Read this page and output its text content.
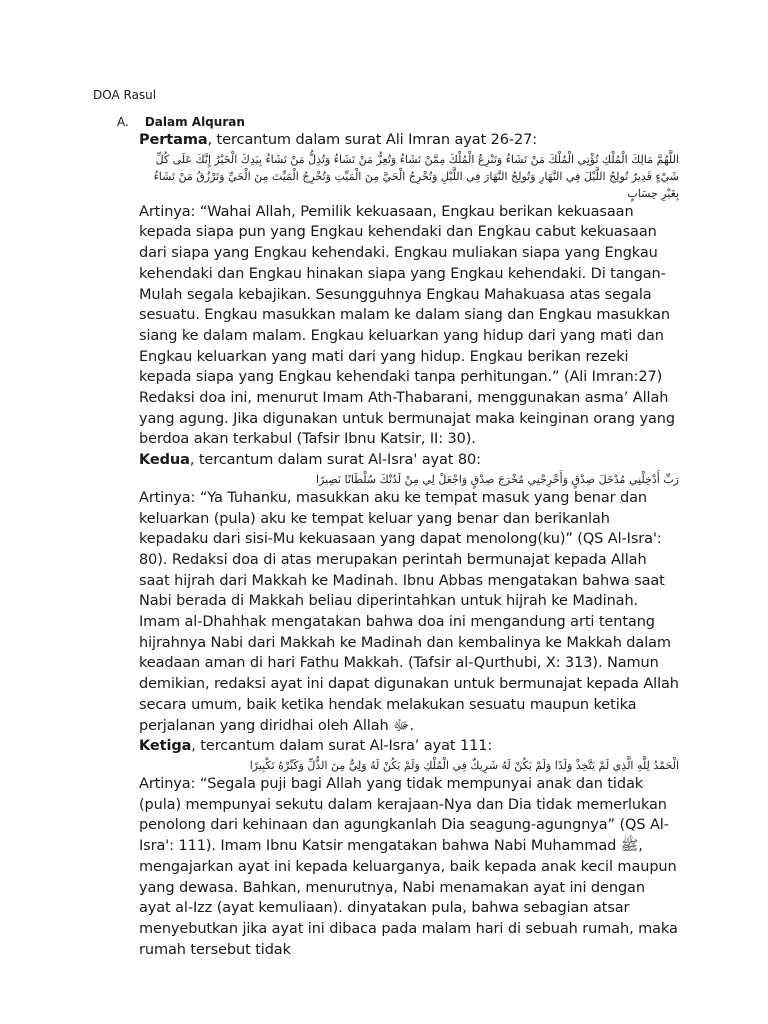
DOA Rasul
A. Dalam Alquran

Pertama, tercantum dalam surat Ali Imran ayat 26-27:
اللَّهُمَّ مَالِكَ الْمُلْكِ تُؤْتِي الْمُلْكَ مَنْ تَشَاءُ وَتَنْزِعُ الْمُلْكَ مِمَّنْ تَشَاءُ وَتُعِزُّ مَنْ تَشَاءُ وَتُذِلُّ مَنْ تَشَاءُ بِيَدِكَ الْخَيْرُ إِنَّكَ عَلَى كُلِّ شَيْءٍ قَدِيرٌ تُولِجُ اللَّيْلَ فِي النَّهَارِ وَتُولِجُ النَّهَارَ فِي اللَّيْلِ وَتُخْرِجُ الْحَيَّ مِنَ الْمَيِّتِ وَتُخْرِجُ الْمَيِّتَ مِنَ الْحَيِّ وَتَرْزُقُ مَنْ تَشَاءُ بِغَيْرِ حِسَابٍ
Artinya: “Wahai Allah, Pemilik kekuasaan, Engkau berikan kekuasaan kepada siapa pun yang Engkau kehendaki dan Engkau cabut kekuasaan dari siapa yang Engkau kehendaki. Engkau muliakan siapa yang Engkau kehendaki dan Engkau hinakan siapa yang Engkau kehendaki. Di tangan-Mulah segala kebajikan. Sesungguhnya Engkau Mahakuasa atas segala sesuatu. Engkau masukkan malam ke dalam siang dan Engkau masukkan siang ke dalam malam. Engkau keluarkan yang hidup dari yang mati dan Engkau keluarkan yang mati dari yang hidup. Engkau berikan rezeki kepada siapa yang Engkau kehendaki tanpa perhitungan.” (Ali Imran:27) Redaksi doa ini, menurut Imam Ath-Thabarani, menggunakan asma’ Allah yang agung. Jika digunakan untuk bermunajat maka keinginan orang yang berdoa akan terkabul (Tafsir Ibnu Katsir, II: 30).

Kedua, tercantum dalam surat Al-Isra' ayat 80:
رَبِّ أَدْخِلْنِي مُدْخَلَ صِدْقٍ وَأَخْرِجْنِي مُخْرَجَ صِدْقٍ وَاجْعَلْ لِي مِنْ لَدُنْكَ سُلْطَانًا نَصِيرًا
Artinya: “Ya Tuhanku, masukkan aku ke tempat masuk yang benar dan keluarkan (pula) aku ke tempat keluar yang benar dan berikanlah kepadaku dari sisi-Mu kekuasaan yang dapat menolong(ku)” (QS Al-Isra': 80). Redaksi doa di atas merupakan perintah bermunajat kepada Allah saat hijrah dari Makkah ke Madinah. Ibnu Abbas mengatakan bahwa saat Nabi berada di Makkah beliau diperintahkan untuk hijrah ke Madinah. Imam al-Dhahhak mengatakan bahwa doa ini mengandung arti tentang hijrahnya Nabi dari Makkah ke Madinah dan kembalinya ke Makkah dalam keadaan aman di hari Fathu Makkah. (Tafsir al-Qurthubi, X: 313). Namun demikian, redaksi ayat ini dapat digunakan untuk bermunajat kepada Allah secara umum, baik ketika hendak melakukan sesuatu maupun ketika perjalanan yang diridhai oleh Allah ﷻ.

Ketiga, tercantum dalam surat Al-Isra’ ayat 111:
الْحَمْدُ لِلَّهِ الَّذِي لَمْ يَتَّخِذْ وَلَدًا وَلَمْ يَكُنْ لَهُ شَرِيكٌ فِي الْمُلْكِ وَلَمْ يَكُنْ لَهُ وَلِيٌّ مِنَ الذُّلِّ وَكَبِّرْهُ تَكْبِيرًا
Artinya: “Segala puji bagi Allah yang tidak mempunyai anak dan tidak (pula) mempunyai sekutu dalam kerajaan-Nya dan Dia tidak memerlukan penolong dari kehinaan dan agungkanlah Dia seagung-agungnya” (QS Al-Isra': 111). Imam Ibnu Katsir mengatakan bahwa Nabi Muhammad ﷺ, mengajarkan ayat ini kepada keluarganya, baik kepada anak kecil maupun yang dewasa. Bahkan, menurutnya, Nabi menamakan ayat ini dengan ayat al-Izz (ayat kemuliaan). dinyatakan pula, bahwa sebagian atsar menyebutkan jika ayat ini dibaca pada malam hari di sebuah rumah, maka rumah tersebut tidak
